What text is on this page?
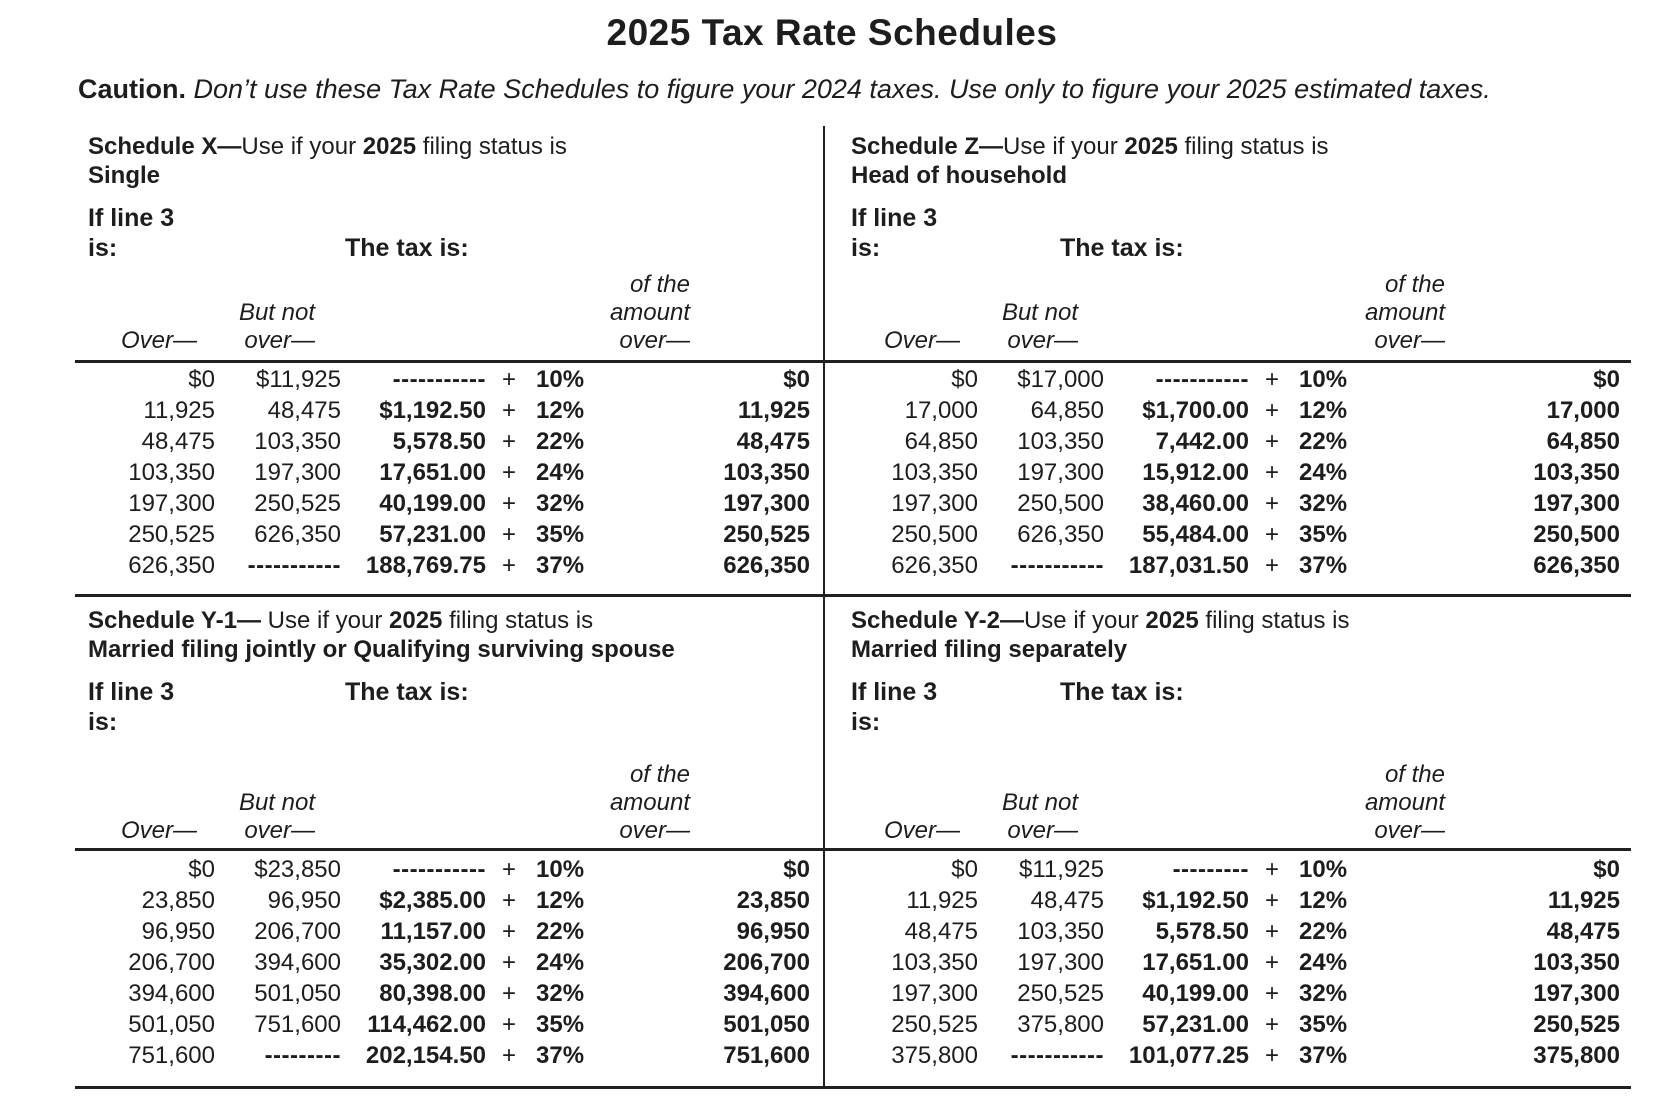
2025 Tax Rate Schedules
Caution. Don’t use these Tax Rate Schedules to figure your 2024 taxes. Use only to figure your 2025 estimated taxes.
Schedule X—Use if your 2025 filing status is
Single
If line 3
is:	The tax is:
Over—
But not
over—
of the
amount
over—
$0	$11,925	----------- + 10%	$0
11,925	48,475	$1,192.50 + 12%	11,925
48,475	103,350	5,578.50 + 22%	48,475
103,350	197,300	17,651.00 + 24%	103,350
197,300	250,525	40,199.00 + 32%	197,300
250,525	626,350	57,231.00 + 35%	250,525
626,350	-----------	188,769.75 + 37%	626,350
Schedule Z—Use if your 2025 filing status is
Head of household
If line 3
is:	The tax is:
Over—
But not
over—
of the
amount
over—
$0	$17,000	----------- + 10%	$0
17,000	64,850	$1,700.00 + 12%	17,000
64,850	103,350	7,442.00 + 22%	64,850
103,350	197,300	15,912.00 + 24%	103,350
197,300	250,500	38,460.00 + 32%	197,300
250,500	626,350	55,484.00 + 35%	250,500
626,350	-----------	187,031.50 + 37%	626,350
Schedule Y-1— Use if your 2025 filing status is
Married filing jointly or Qualifying surviving spouse
If line 3
is:
The tax is:
Over—
But not
over—
of the
amount
over—
$0	$23,850	----------- + 10%	$0
23,850	96,950	$2,385.00 + 12%	23,850
96,950	206,700	11,157.00 + 22%	96,950
206,700	394,600	35,302.00 + 24%	206,700
394,600	501,050	80,398.00 + 32%	394,600
501,050	751,600	114,462.00 + 35%	501,050
751,600	---------	202,154.50 + 37%	751,600
Schedule Y-2—Use if your 2025 filing status is
Married filing separately
If line 3
is:
The tax is:
Over—
But not
over—
of the
amount
over—
$0	$11,925	--------- + 10%	$0
11,925	48,475	$1,192.50 + 12%	11,925
48,475	103,350	5,578.50 + 22%	48,475
103,350	197,300	17,651.00 + 24%	103,350
197,300	250,525	40,199.00 + 32%	197,300
250,525	375,800	57,231.00 + 35%	250,525
375,800	-----------	101,077.25 + 37%	375,800
